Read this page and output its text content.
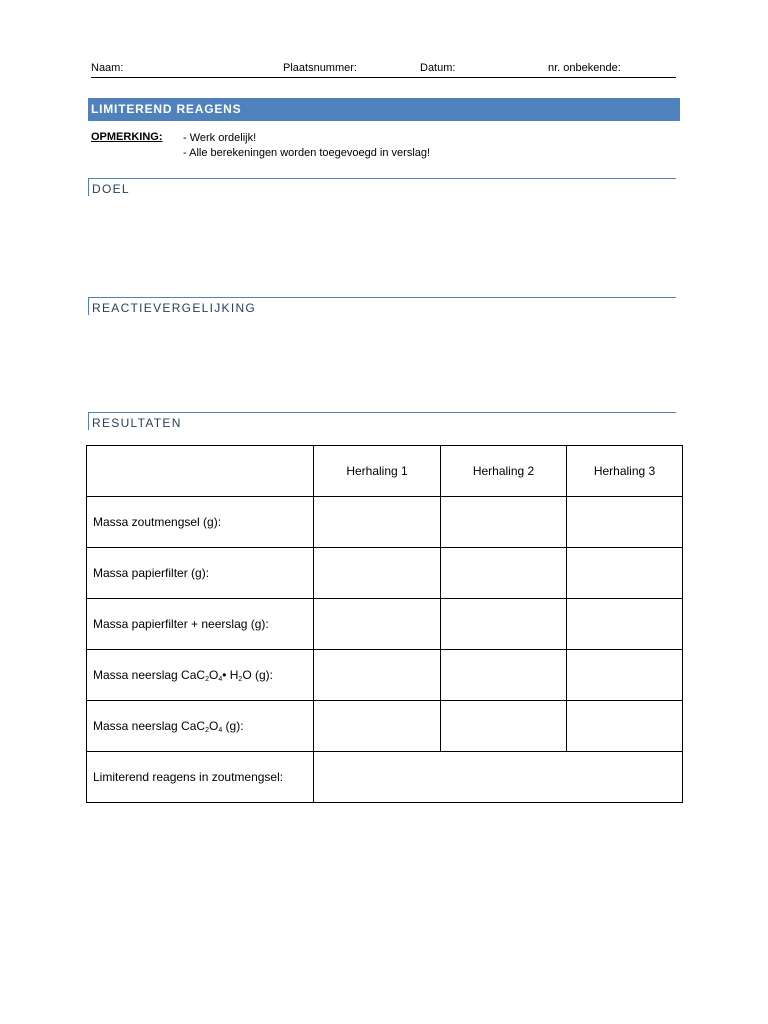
Naam:	Plaatsnummer:	Datum:	nr. onbekende:
LIMITEREND REAGENS
OPMERKING: - Werk ordelijk!
- Alle berekeningen worden toegevoegd in verslag!
DOEL
REACTIEVERGELIJKING
RESULTATEN
	Herhaling 1	Herhaling 2	Herhaling 3
Massa zoutmengsel (g):			
Massa papierfilter (g):			
Massa papierfilter + neerslag (g):			
Massa neerslag $CaC_2O_4•$ $H_2O$ (g):			
Massa neerslag $CaC_2O_4$ (g):			
Limiterend reagens in zoutmengsel:			
